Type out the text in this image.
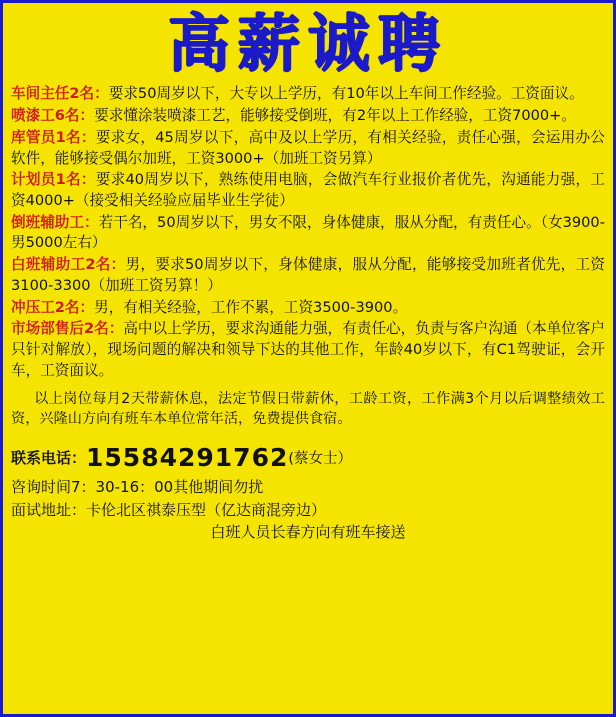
高薪诚聘
车间主任2名：要求50周岁以下，大专以上学历，有10年以上车间工作经验。工资面议。
喷漆工6名：要求懂涂装喷漆工艺，能够接受倒班，有2年以上工作经验，工资7000+。
库管员1名：要求女，45周岁以下，高中及以上学历，有相关经验，责任心强，会运用办公软件，能够接受偶尔加班，工资3000+（加班工资另算）
计划员1名：要求40周岁以下，熟练使用电脑，会做汽车行业报价者优先，沟通能力强，工资4000+（接受相关经验应届毕业生学徒）
倒班辅助工：若干名，50周岁以下，男女不限，身体健康，服从分配，有责任心。（女3900-男5000左右）
白班辅助工2名：男，要求50周岁以下，身体健康，服从分配，能够接受加班者优先，工资3100-3300（加班工资另算！）
冲压工2名：男，有相关经验，工作不累，工资3500-3900。
市场部售后2名：高中以上学历，要求沟通能力强，有责任心，负责与客户沟通（本单位客户只针对解放），现场问题的解决和领导下达的其他工作，年龄40岁以下，有C1驾驶证，会开车，工资面议。
以上岗位每月2天带薪休息，法定节假日带薪休，工龄工资，工作满3个月以后调整绩效工资，兴隆山方向有班车本单位常年活，免费提供食宿。
联系电话：15584291762(蔡女士）
咨询时间7：30-16：00其他期间勿扰
面试地址：卡伦北区祺泰压型（亿达商混旁边）
白班人员长春方向有班车接送
